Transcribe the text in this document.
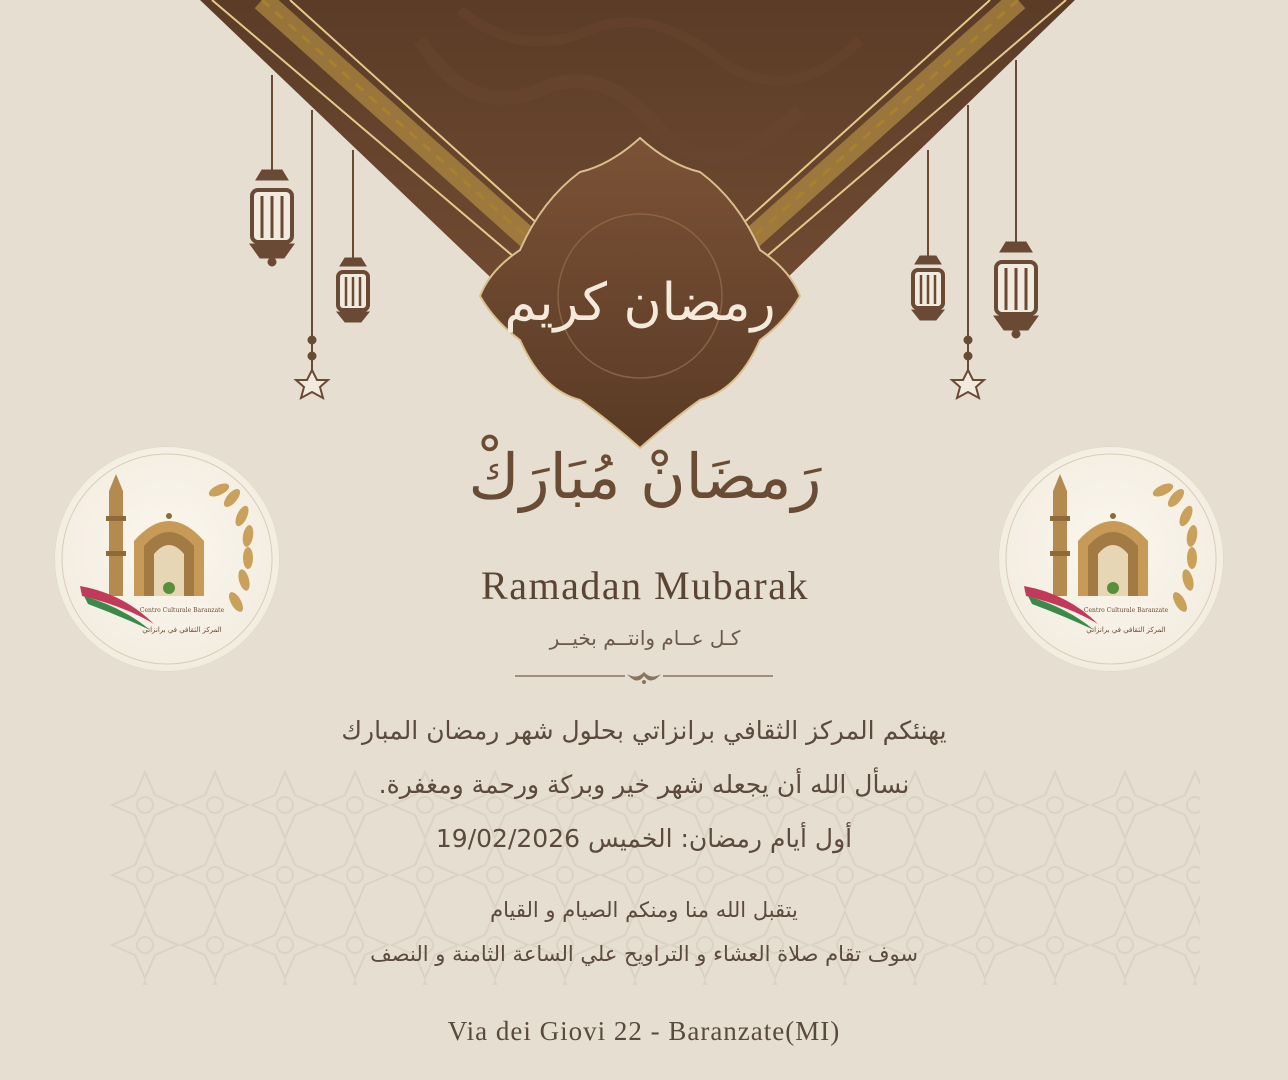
رمضان كريم
Centro Culturale Baranzate
المركز الثقافي في برانزاتي
Centro Culturale Baranzate
المركز الثقافي في برانزاتي
رَمضَانْ مُبَارَكْ
Ramadan Mubarak
كـل عــام وانتــم بخيــر
يهنئكم المركز الثقافي برانزاتي بحلول شهر رمضان المبارك
نسأل الله أن يجعله شهر خير وبركة ورحمة ومغفرة.
أول أيام رمضان: الخميس 19/02/2026
يتقبل الله منا ومنكم الصيام و القيام
سوف تقام صلاة العشاء و التراويح علي الساعة الثامنة و النصف
Via dei Giovi 22 - Baranzate(MI)
